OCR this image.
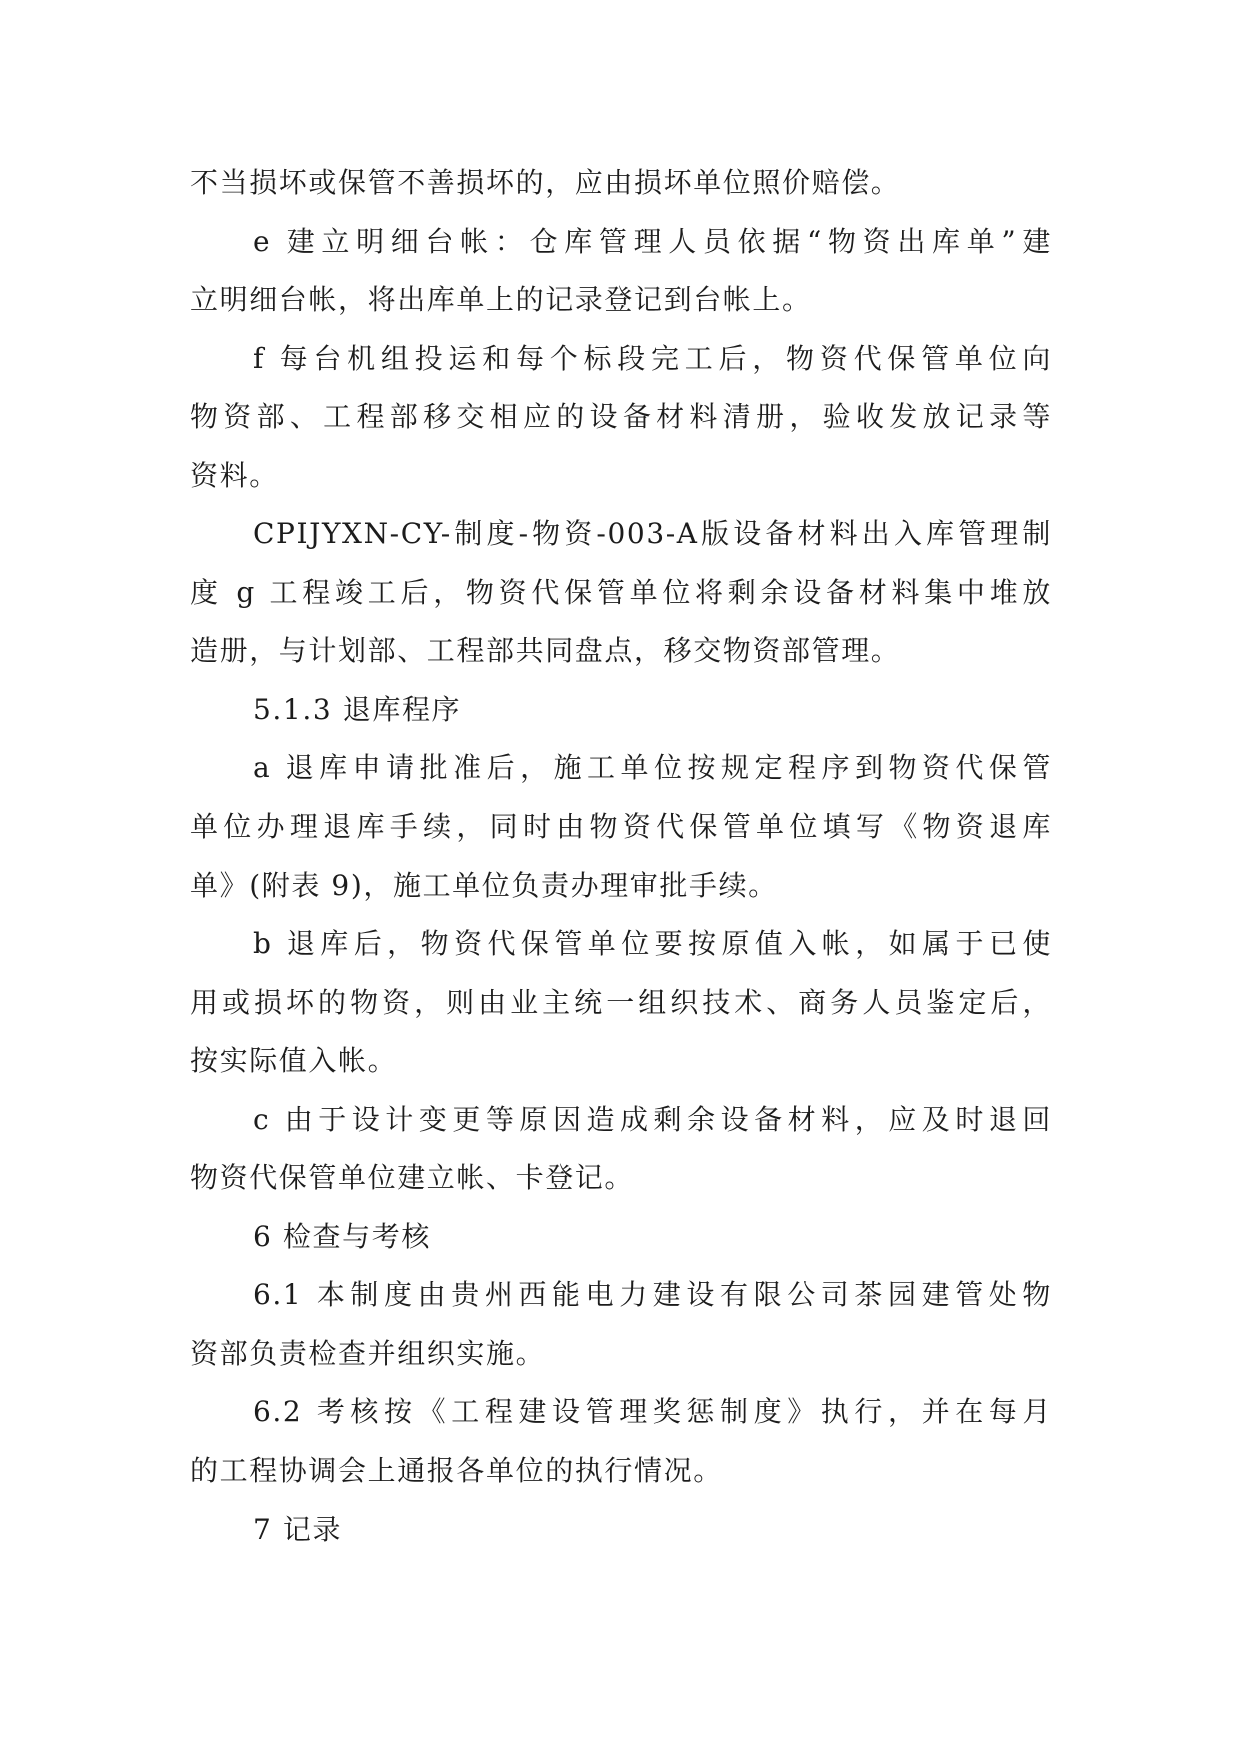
不当损坏或保管不善损坏的，应由损坏单位照价赔偿。
e 建立明细台帐：仓库管理人员依据“物资出库单”建
立明细台帐，将出库单上的记录登记到台帐上。
f 每台机组投运和每个标段完工后，物资代保管单位向
物资部、工程部移交相应的设备材料清册，验收发放记录等
资料。
CPIJYXN-CY-制度-物资-003-A版设备材料出入库管理制
度 g 工程竣工后，物资代保管单位将剩余设备材料集中堆放
造册，与计划部、工程部共同盘点，移交物资部管理。
5.1.3 退库程序
a 退库申请批准后，施工单位按规定程序到物资代保管
单位办理退库手续，同时由物资代保管单位填写《物资退库
单》(附表 9)，施工单位负责办理审批手续。
b 退库后，物资代保管单位要按原值入帐，如属于已使
用或损坏的物资，则由业主统一组织技术、商务人员鉴定后，
按实际值入帐。
c 由于设计变更等原因造成剩余设备材料，应及时退回
物资代保管单位建立帐、卡登记。
6 检查与考核
6.1 本制度由贵州西能电力建设有限公司茶园建管处物
资部负责检查并组织实施。
6.2 考核按《工程建设管理奖惩制度》执行，并在每月
的工程协调会上通报各单位的执行情况。
7 记录
